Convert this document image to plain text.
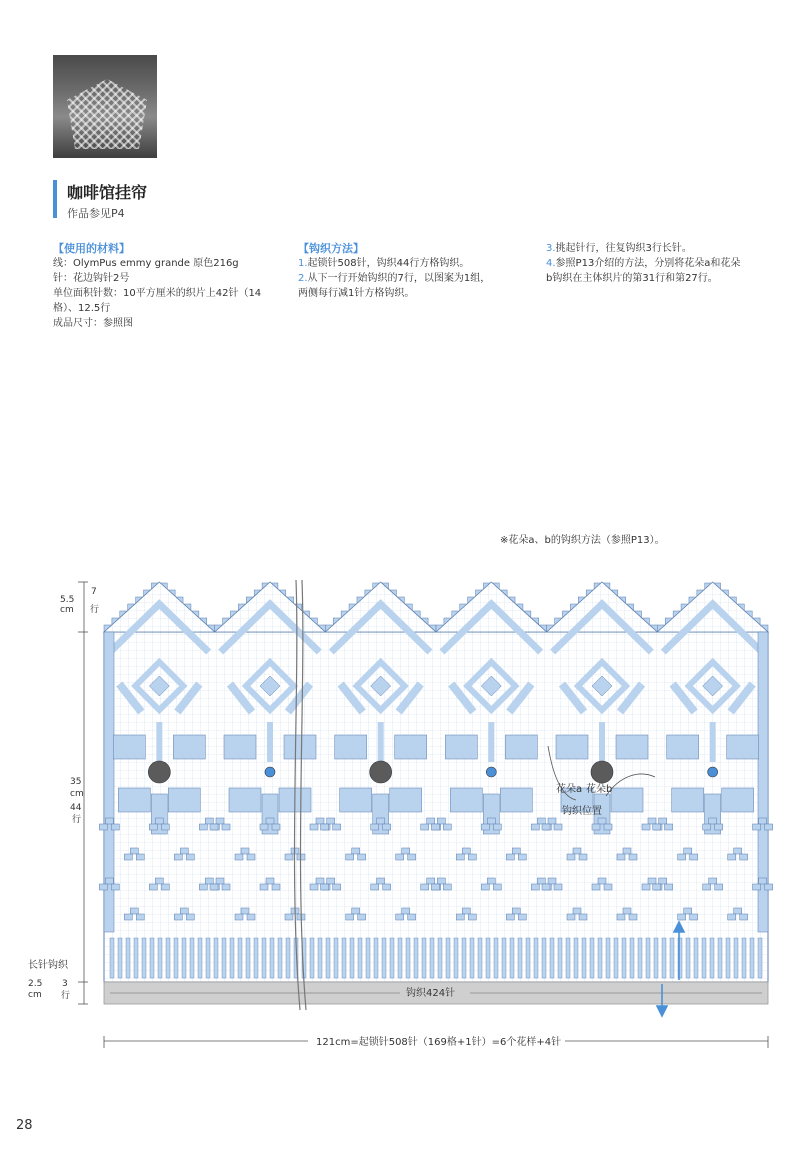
咖啡馆挂帘
作品参见P4
【使用的材料】
线：OlymPus emmy grande 原色216g
针：花边钩针2号
单位面积针数：10平方厘米的织片上42针（14
格）、12.5行
成品尺寸：参照图
【钩织方法】
1.起锁针508针，钩织44行方格钩织。
2.从下一行开始钩织的7行，以图案为1组，
两侧每行减1针方格钩织。
3.挑起针行，往复钩织3行长针。
4.参照P13介绍的方法，分别将花朵a和花朵
b钩织在主体织片的第31行和第27行。
※花朵a、b的钩织方法（参照P13）。
5.5
cm
7
行
35
cm
44
行
长针钩织
2.5
cm
3
行
121cm=起锁针508针（169格+1针）=6个花样+4针
花朵a 花朵b
钩织位置
钩织424针
28
